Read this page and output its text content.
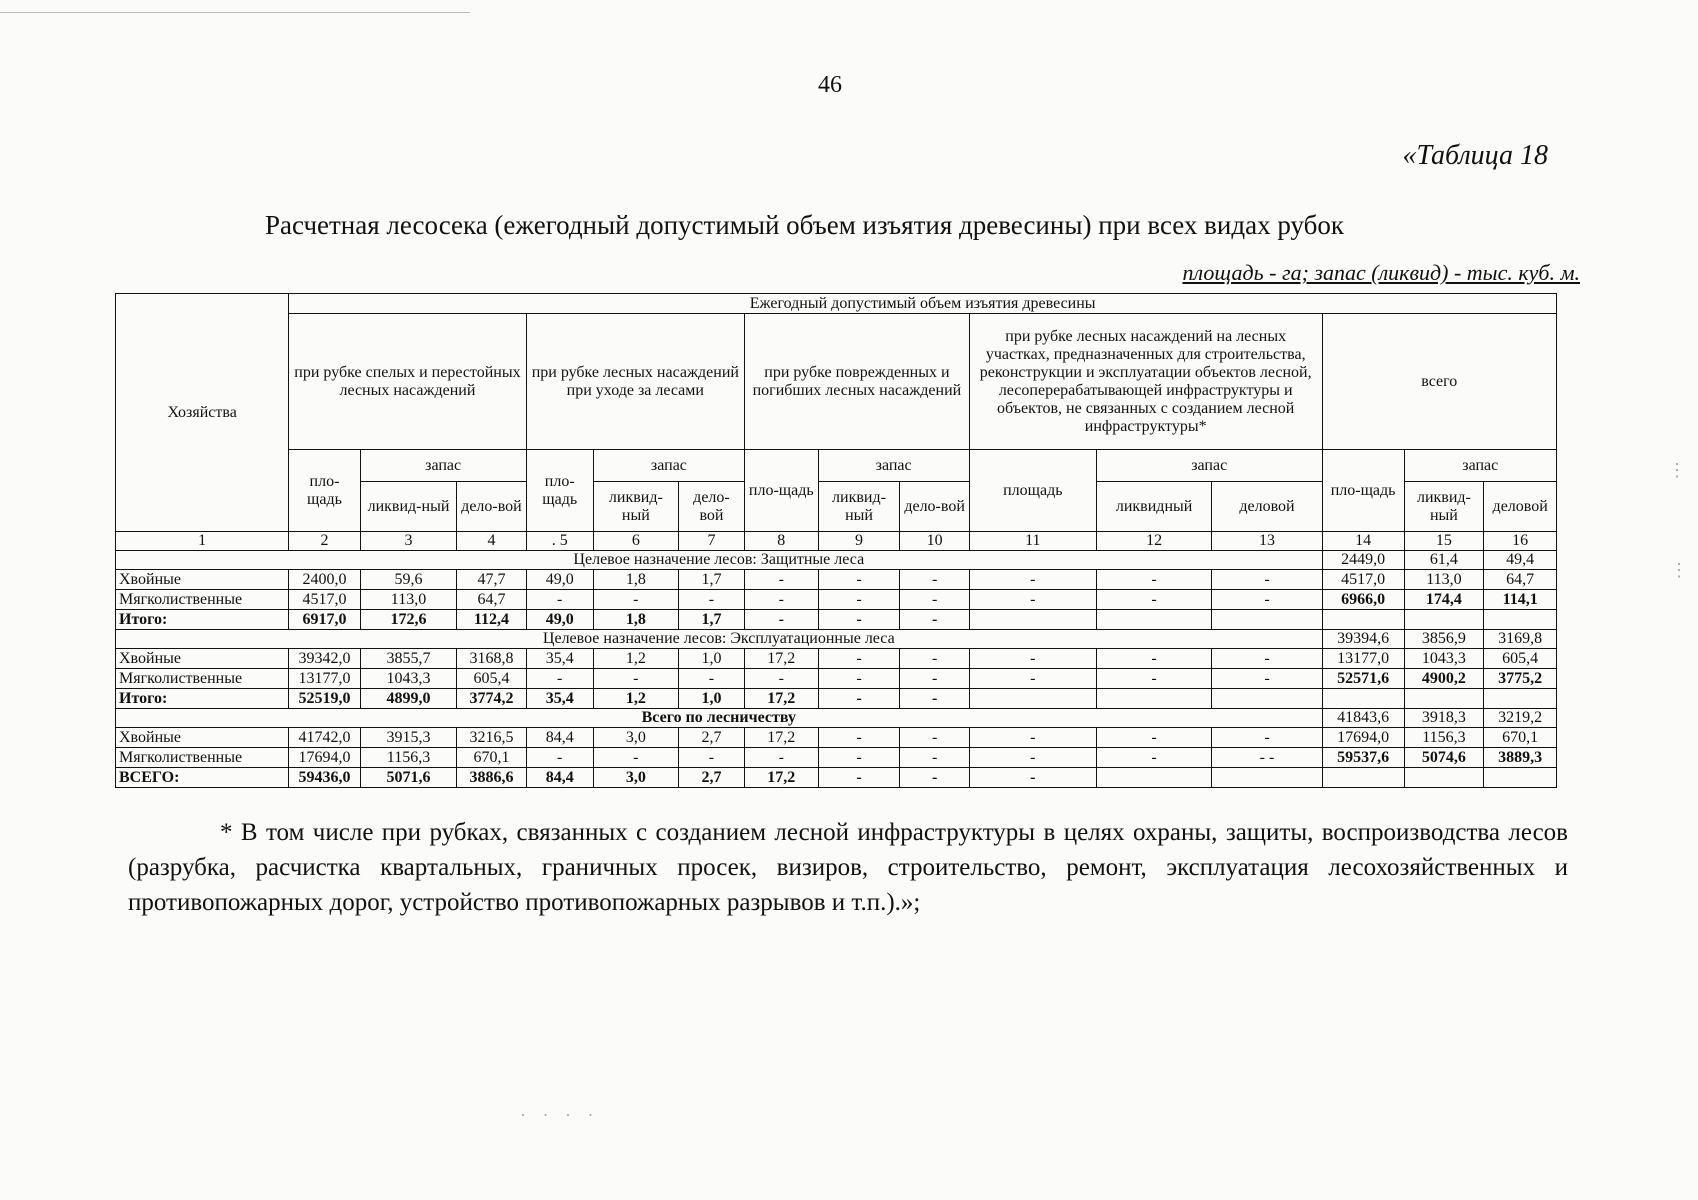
46
«Таблица 18
Расчетная лесосека (ежегодный допустимый объем изъятия древесины) при всех видах рубок
площадь - га; запас (ликвид) - тыс. куб. м.
Хозяйства	Ежегодный допустимый объем изъятия древесины														
	при рубке спелых и перестойных лесных насаждений			при рубке лесных насаждений при уходе за лесами			при рубке поврежденных и погибших лесных насаждений			при рубке лесных насаждений на лесных участках, предназначенных для строительства, реконструкции и эксплуатации объектов лесной, лесоперерабатывающей инфраструктуры и объектов, не связанных с созданием лесной инфраструктуры*			всего		
	пло-щадь	запас		пло-щадь	запас		пло-щадь	запас		площадь	запас		пло-щадь	запас	
		ликвид-ный	дело-вой		ликвид-ный	дело-вой		ликвид-ный	дело-вой		ликвидный	деловой		ликвид-ный	деловой
1	2	3	4	. 5	6	7	8	9	10	11	12	13	14	15	16
Целевое назначение лесов: Защитные леса													2449,0	61,4	49,4
Хвойные	2400,0	59,6	47,7	49,0	1,8	1,7	-	-	-	-	-	-	4517,0	113,0	64,7
Мягколиственные	4517,0	113,0	64,7	-	-	-	-	-	-	-	-	-	6966,0	174,4	114,1
Итого:	6917,0	172,6	112,4	49,0	1,8	1,7	-	-	-						
Целевое назначение лесов: Эксплуатационные леса													39394,6	3856,9	3169,8
Хвойные	39342,0	3855,7	3168,8	35,4	1,2	1,0	17,2	-	-	-	-	-	13177,0	1043,3	605,4
Мягколиственные	13177,0	1043,3	605,4	-	-	-	-	-	-	-	-	-	52571,6	4900,2	3775,2
Итого:	52519,0	4899,0	3774,2	35,4	1,2	1,0	17,2	-	-						
Всего по лесничеству													41843,6	3918,3	3219,2
Хвойные	41742,0	3915,3	3216,5	84,4	3,0	2,7	17,2	-	-	-	-	-	17694,0	1156,3	670,1
Мягколиственные	17694,0	1156,3	670,1	-	-	-	-	-	-	-	-	- -	59537,6	5074,6	3889,3
ВСЕГО:	59436,0	5071,6	3886,6	84,4	3,0	2,7	17,2	-	-	-					
* В том числе при рубках, связанных с созданием лесной инфраструктуры в целях охраны, защиты, воспроизводства лесов (разрубка, расчистка квартальных, граничных просек, визиров, строительство, ремонт, эксплуатация лесохозяйственных и противопожарных дорог, устройство противопожарных разрывов и т.п.).»;
⋮
⋮
· · · ·
